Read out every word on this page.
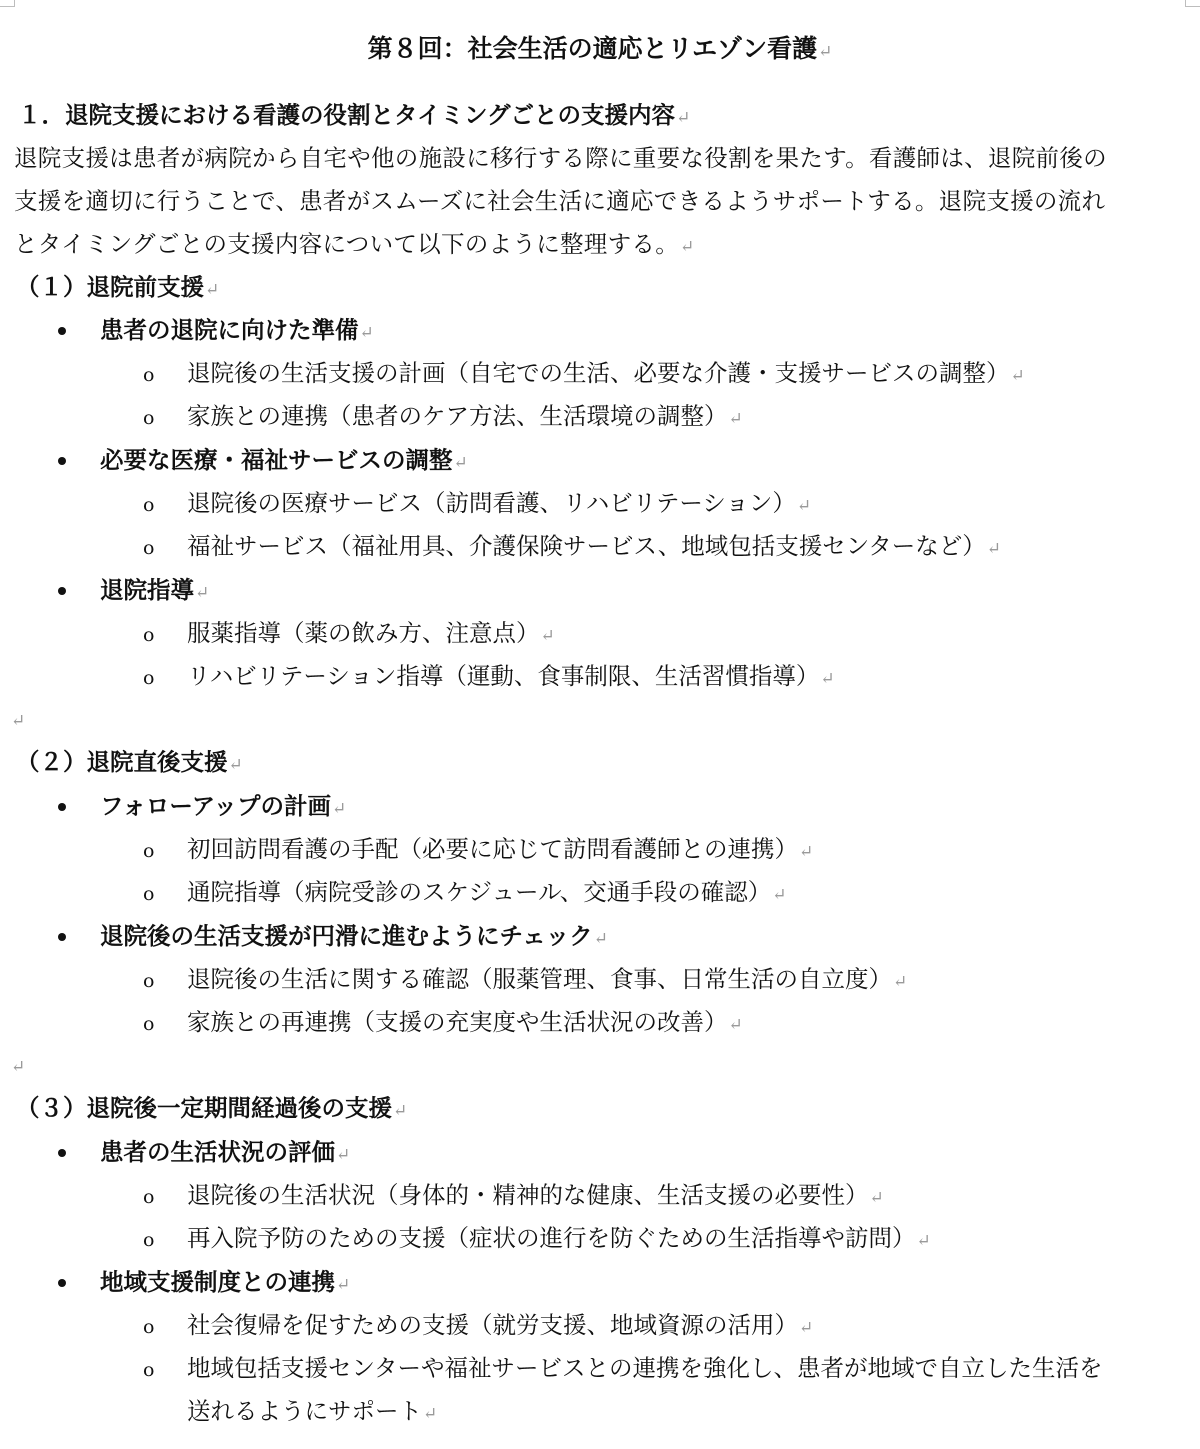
第８回：社会生活の適応とリエゾン看護↵
１．退院支援における看護の役割とタイミングごとの支援内容↵
退院支援は患者が病院から自宅や他の施設に移行する際に重要な役割を果たす。看護師は、退院前後の
支援を適切に行うことで、患者がスムーズに社会生活に適応できるようサポートする。退院支援の流れ
とタイミングごとの支援内容について以下のように整理する。↵
（１）退院前支援↵
患者の退院に向けた準備↵
o 退院後の生活支援の計画（自宅での生活、必要な介護・支援サービスの調整）↵
o 家族との連携（患者のケア方法、生活環境の調整）↵
必要な医療・福祉サービスの調整↵
o 退院後の医療サービス（訪問看護、リハビリテーション）↵
o 福祉サービス（福祉用具、介護保険サービス、地域包括支援センターなど）↵
退院指導↵
o 服薬指導（薬の飲み方、注意点）↵
o リハビリテーション指導（運動、食事制限、生活習慣指導）↵
↵
（２）退院直後支援↵
フォローアップの計画↵
o 初回訪問看護の手配（必要に応じて訪問看護師との連携）↵
o 通院指導（病院受診のスケジュール、交通手段の確認）↵
退院後の生活支援が円滑に進むようにチェック↵
o 退院後の生活に関する確認（服薬管理、食事、日常生活の自立度）↵
o 家族との再連携（支援の充実度や生活状況の改善）↵
↵
（３）退院後一定期間経過後の支援↵
患者の生活状況の評価↵
o 退院後の生活状況（身体的・精神的な健康、生活支援の必要性）↵
o 再入院予防のための支援（症状の進行を防ぐための生活指導や訪問）↵
地域支援制度との連携↵
o 社会復帰を促すための支援（就労支援、地域資源の活用）↵
o 地域包括支援センターや福祉サービスとの連携を強化し、患者が地域で自立した生活を
送れるようにサポート↵
